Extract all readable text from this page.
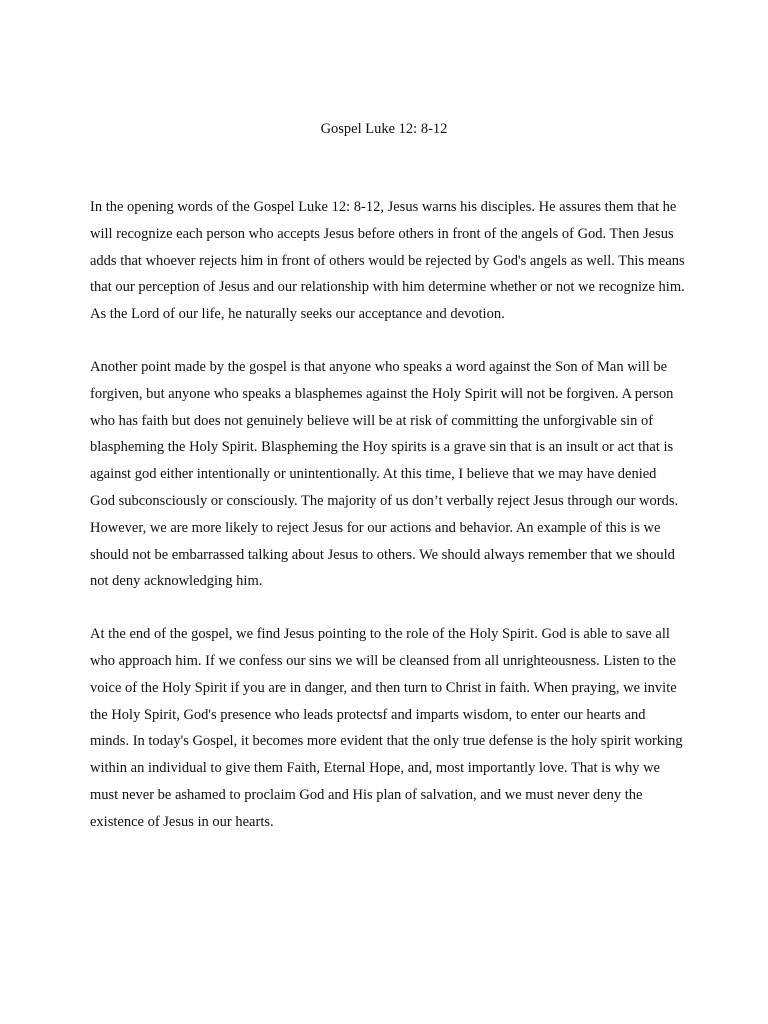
Gospel Luke 12: 8-12

In the opening words of the Gospel Luke 12: 8-12, Jesus warns his disciples. He assures them that he will recognize each person who accepts Jesus before others in front of the angels of God. Then Jesus adds that whoever rejects him in front of others would be rejected by God's angels as well. This means that our perception of Jesus and our relationship with him determine whether or not we recognize him. As the Lord of our life, he naturally seeks our acceptance and devotion.

Another point made by the gospel is that anyone who speaks a word against the Son of Man will be forgiven, but anyone who speaks a blasphemes against the Holy Spirit will not be forgiven. A person who has faith but does not genuinely believe will be at risk of committing the unforgivable sin of blaspheming the Holy Spirit. Blaspheming the Hoy spirits is a grave sin that is an insult or act that is against god either intentionally or unintentionally. At this time, I believe that we may have denied God subconsciously or consciously. The majority of us don’t verbally reject Jesus through our words. However, we are more likely to reject Jesus for our actions and behavior. An example of this is we should not be embarrassed talking about Jesus to others. We should always remember that we should not deny acknowledging him.

At the end of the gospel, we find Jesus pointing to the role of the Holy Spirit. God is able to save all who approach him. If we confess our sins we will be cleansed from all unrighteousness. Listen to the voice of the Holy Spirit if you are in danger, and then turn to Christ in faith. When praying, we invite the Holy Spirit, God's presence who leads protectsf and imparts wisdom, to enter our hearts and minds. In today's Gospel, it becomes more evident that the only true defense is the holy spirit working within an individual to give them Faith, Eternal Hope, and, most importantly love. That is why we must never be ashamed to proclaim God and His plan of salvation, and we must never deny the existence of Jesus in our hearts.
